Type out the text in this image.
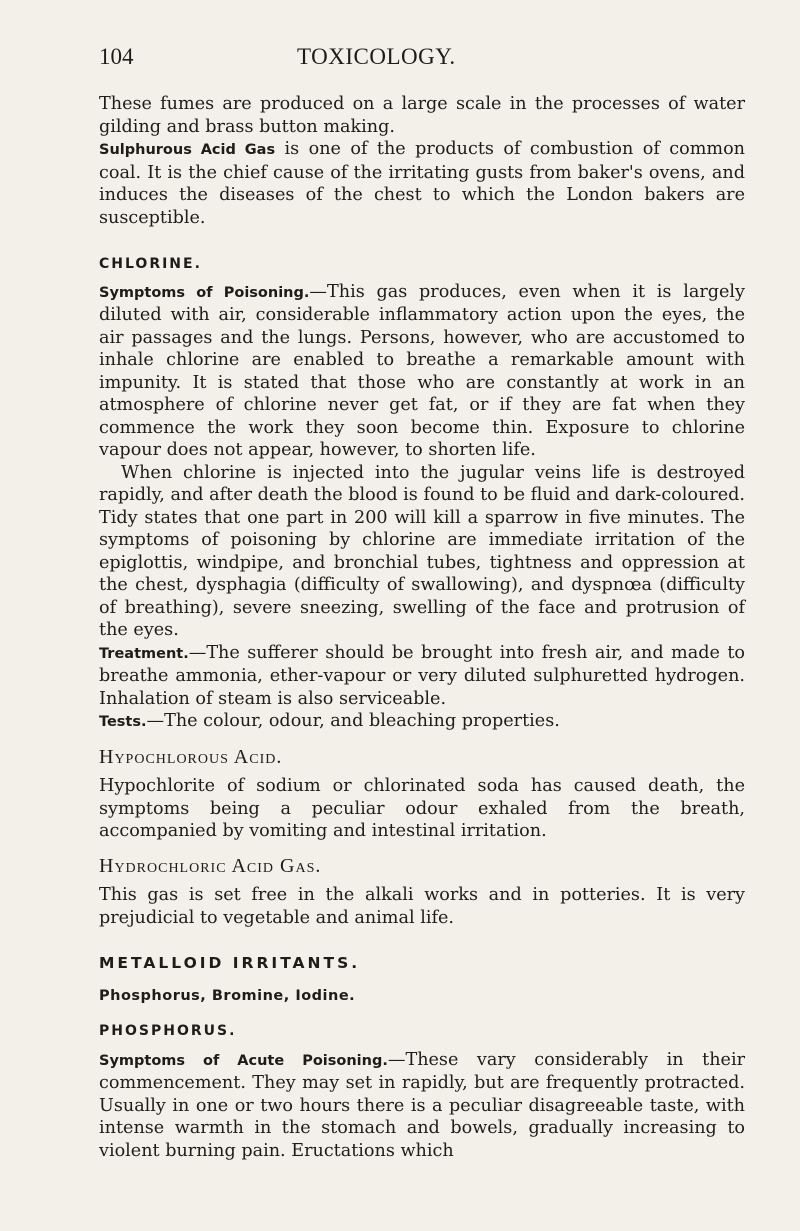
104	TOXICOLOGY.

These fumes are produced on a large scale in the processes of water gilding and brass button making.

Sulphurous Acid Gas is one of the products of combustion of common coal. It is the chief cause of the irritating gusts from baker's ovens, and induces the diseases of the chest to which the London bakers are susceptible.

CHLORINE.

Symptoms of Poisoning.—This gas produces, even when it is largely diluted with air, considerable inflammatory action upon the eyes, the air passages and the lungs. Persons, however, who are accustomed to inhale chlorine are enabled to breathe a remarkable amount with impunity. It is stated that those who are constantly at work in an atmosphere of chlorine never get fat, or if they are fat when they commence the work they soon become thin. Exposure to chlorine vapour does not appear, however, to shorten life.

When chlorine is injected into the jugular veins life is destroyed rapidly, and after death the blood is found to be fluid and dark-coloured. Tidy states that one part in 200 will kill a sparrow in five minutes. The symptoms of poisoning by chlorine are immediate irritation of the epiglottis, windpipe, and bronchial tubes, tightness and oppression at the chest, dysphagia (difficulty of swallowing), and dyspnœa (difficulty of breathing), severe sneezing, swelling of the face and protrusion of the eyes.

Treatment.—The sufferer should be brought into fresh air, and made to breathe ammonia, ether-vapour or very diluted sulphuretted hydrogen. Inhalation of steam is also serviceable.

Tests.—The colour, odour, and bleaching properties.

Hypochlorous Acid.

Hypochlorite of sodium or chlorinated soda has caused death, the symptoms being a peculiar odour exhaled from the breath, accompanied by vomiting and intestinal irritation.

Hydrochloric Acid Gas.

This gas is set free in the alkali works and in potteries. It is very prejudicial to vegetable and animal life.

METALLOID IRRITANTS.

Phosphorus, Bromine, Iodine.

PHOSPHORUS.

Symptoms of Acute Poisoning.—These vary considerably in their commencement. They may set in rapidly, but are frequently protracted. Usually in one or two hours there is a peculiar disagreeable taste, with intense warmth in the stomach and bowels, gradually increasing to violent burning pain. Eructations which
